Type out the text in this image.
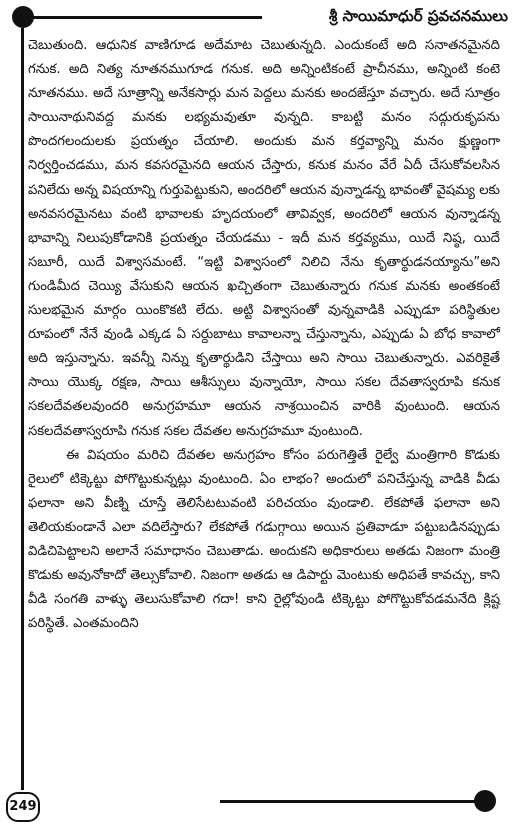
శ్రీ సాయిమాధుర్ ప్రవచనములు

చెబుతుంది. ఆధునిక వాణిగూడ అదేమాట చెబుతున్నది. ఎందుకంటే అది సనాతనమైనది గనుక. అది నిత్య నూతనముగూడ గనుక. అది అన్నింటికంటే ప్రాచీనము, అన్నింటి కంటె నూతనము. అదే సూత్రాన్ని అనేకసార్లు మన పెద్దలు మనకు అందజేస్తూ వచ్చారు. అదే సూత్రం సాయినాథునివద్ద మనకు లభ్యమవుతూ వున్నది. కాబట్టి మనం సద్గురుకృపను పొందగలందులకు ప్రయత్నం చేయాలి. అందుకు మన కర్తవ్యాన్ని మనం క్షుణ్ణంగా నిర్వర్తించడము, మన కవసరమైనది ఆయన చేస్తారు, కనుక మనం వేరే ఏదీ చేసుకోవలసిన పనిలేదు అన్న విషయాన్ని గుర్తుపెట్టుకుని, అందరిలో ఆయన వున్నాడన్న భావంతో వైషమ్య లకు అనవసరమైనటు వంటి భావాలకు హృదయంలో తావివ్వక, అందరిలో ఆయన వున్నాడన్న భావాన్ని నిలుపుకోడానికి ప్రయత్నం చేయడము - ఇదీ మన కర్తవ్యము, యిదే నిష్ఠ, యిదే సబూరీ, యిదే విశ్వాసమంటే. “ఇట్టి విశ్వాసంలో నిలిచి నేను కృతార్థుడనయ్యాను”అని గుండిమీద చెయ్యి వేసుకుని ఆయన ఖచ్చితంగా చెబుతున్నారు గనుక మనకు అంతకంటే సులభమైన మార్గం యింకొకటి లేదు. అట్టి విశ్వాసంతో వున్నవాడికి ఎప్పుడూ పరిస్థితుల రూపంలో నేనే వుండి ఎక్కడ ఏ సర్దుబాటు కావాలన్నా చేస్తున్నాను, ఎప్పుడు ఏ బోధ కావాలో అది ఇస్తున్నాను. ఇవన్నీ నిన్ను కృతార్థుడిని చేస్తాయి అని సాయి చెబుతున్నారు. ఎవరికైతే సాయి యొక్క రక్షణ, సాయి ఆశీస్సులు వున్నాయో, సాయి సకల దేవతాస్వరూపి కనుక సకలదేవతలవుందరి అనుగ్రహమూ ఆయన నాశ్రయించిన వారికి వుంటుంది. ఆయన సకలదేవతాస్వరూపి గనుక సకల దేవతల అనుగ్రహమూ వుంటుంది.

ఈ విషయం మరిచి దేవతల అనుగ్రహం కోసం పరుగెత్తితే రైల్వే మంత్రిగారి కొడుకు రైలులో టిక్కెట్టు పోగొట్టుకున్నట్లు వుంటుంది. ఏం లాభం? అందులో పనిచేస్తున్న వాడికి వీడు ఫలానా అని వీణ్ని చూస్తే తెలిసేటటువంటి పరిచయం వుండాలి. లేకపోతే ఫలానా అని తెలియకుండానే ఎలా వదిలేస్తారు? లేకపోతే గడుగ్గాయి అయిన ప్రతివాడూ పట్టుబడినప్పుడు విడిచిపెట్టాలని అలానే సమాధానం చెబుతాడు. అందుకని అధికారులు అతడు నిజంగా మంత్రి కొడుకు అవునోకాదో తెల్సుకోవాలి. నిజంగా అతడు ఆ డిపార్టు మెంటుకు అధిపతే కావచ్చు, కాని వీడి సంగతి వాళ్ళు తెలుసుకోవాలి గదా! కాని రైల్లోవుండి టిక్కెట్టు పోగొట్టుకోవడమనేది క్లిష్ట పరిస్థితే. ఎంతమందిని

249
